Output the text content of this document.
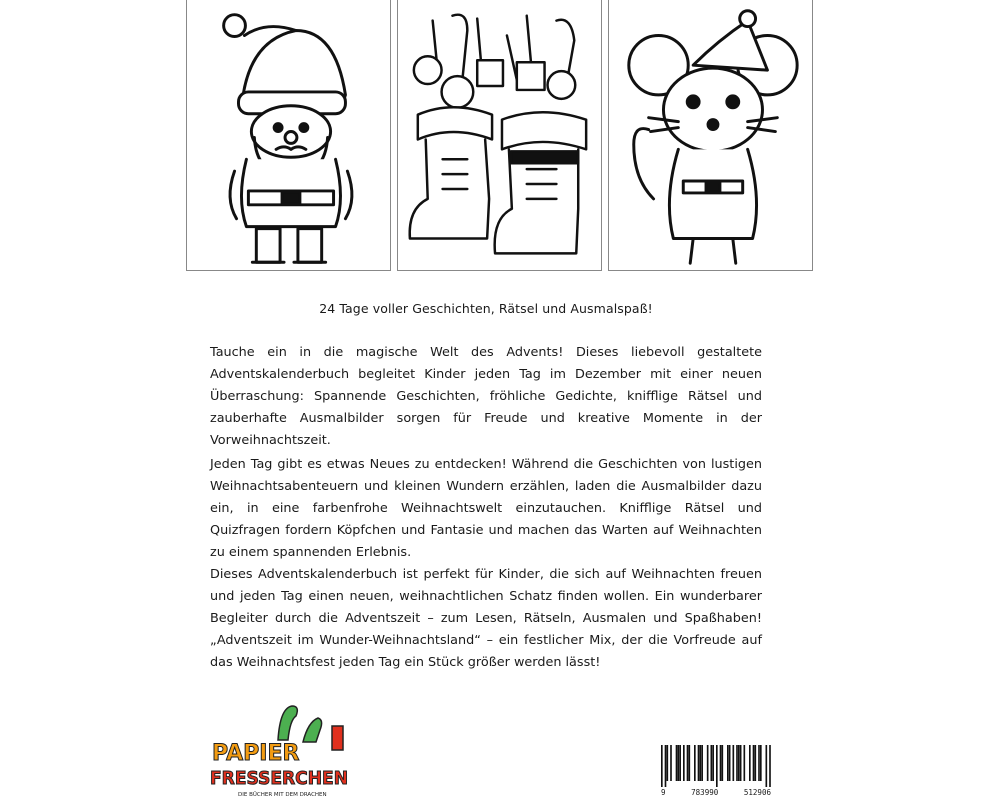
24 Tage voller Geschichten, Rätsel und Ausmalspaß!

Tauche ein in die magische Welt des Advents! Dieses liebevoll gestaltete Adventskalenderbuch begleitet Kinder jeden Tag im Dezember mit einer neuen Überraschung: Spannende Geschichten, fröhliche Gedichte, knifflige Rätsel und zauberhafte Ausmalbilder sorgen für Freude und kreative Momente in der Vorweihnachtszeit.

Jeden Tag gibt es etwas Neues zu entdecken! Während die Geschichten von lustigen Weihnachtsabenteuern und kleinen Wundern erzählen, laden die Ausmalbilder dazu ein, in eine farbenfrohe Weihnachtswelt einzutauchen. Knifflige Rätsel und Quizfragen fordern Köpfchen und Fantasie und machen das Warten auf Weihnachten zu einem spannenden Erlebnis.

Dieses Adventskalenderbuch ist perfekt für Kinder, die sich auf Weihnachten freuen und jeden Tag einen neuen, weihnachtlichen Schatz finden wollen. Ein wunderbarer Begleiter durch die Adventszeit – zum Lesen, Rätseln, Ausmalen und Spaßhaben! „Adventszeit im Wunder-Weihnachtsland“ – ein festlicher Mix, der die Vorfreude auf das Weihnachtsfest jeden Tag ein Stück größer werden lässt!

PAPIER
FRESSERCHEN
DIE BÜCHER MIT DEM DRACHEN	9	783990	512906
